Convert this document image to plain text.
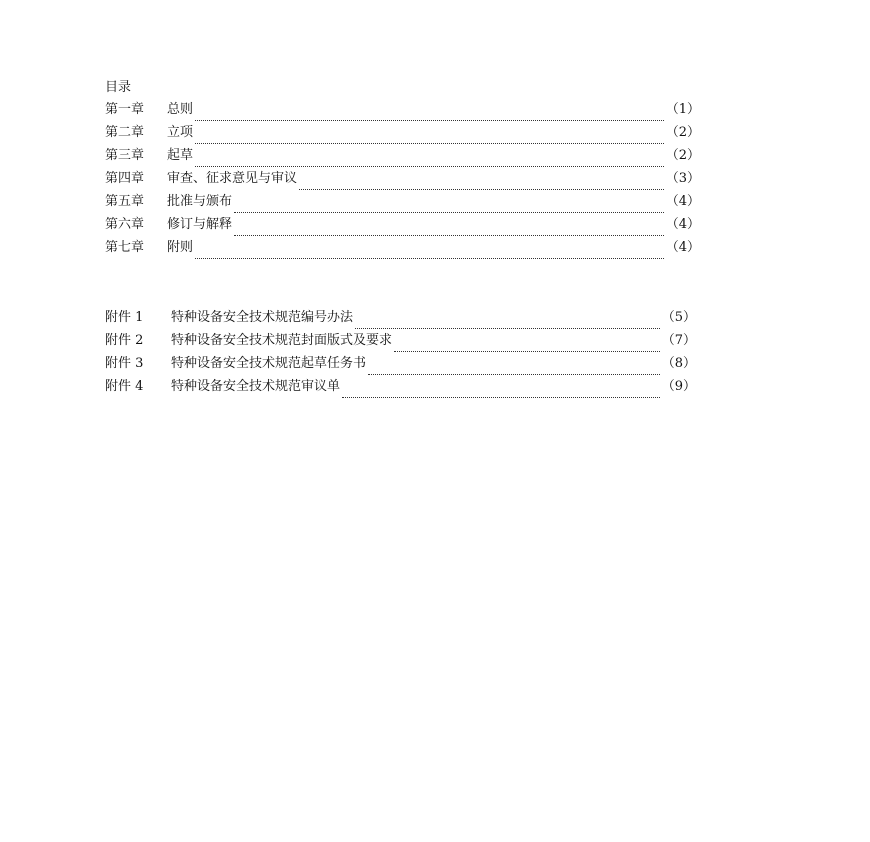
目录
第一章	总则	（1）
第二章	立项	（2）
第三章	起草	（2）
第四章	审查、征求意见与审议	（3）
第五章	批准与颁布	（4）
第六章	修订与解释	（4）
第七章	附则	（4）
附件 1	特种设备安全技术规范编号办法	（5）
附件 2	特种设备安全技术规范封面版式及要求	（7）
附件 3	特种设备安全技术规范起草任务书	（8）
附件 4	特种设备安全技术规范审议单	（9）
